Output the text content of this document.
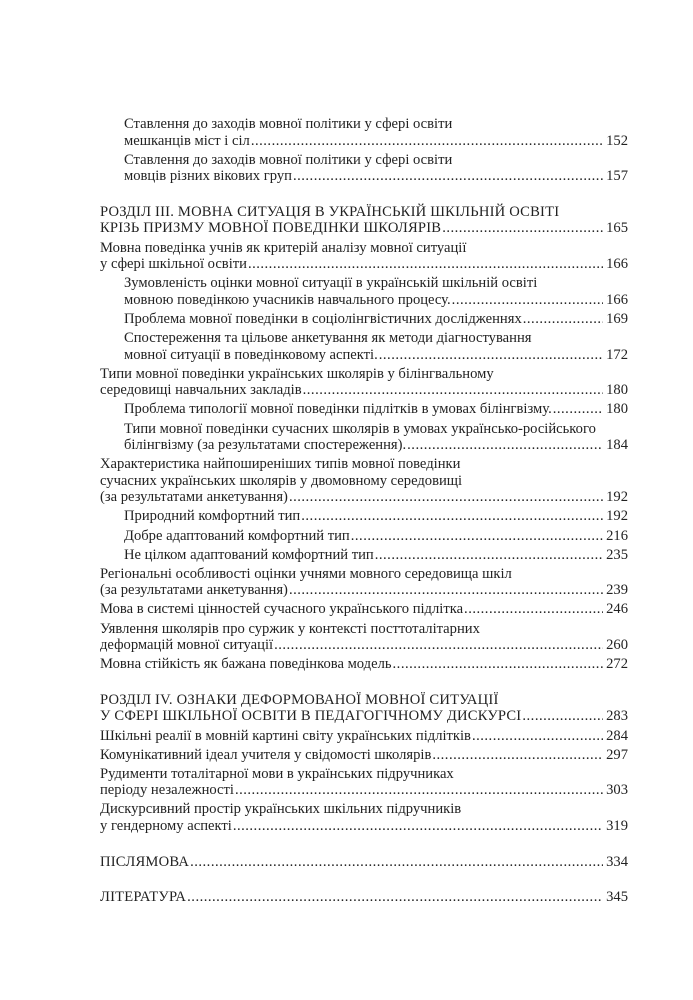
Ставлення до заходів мовної політики у сфері освіти
мешканців міст і сіл .....	152
Ставлення до заходів мовної політики у сфері освіти
мовців різних вікових груп .....	157
РОЗДІЛ ІІІ. МОВНА СИТУАЦІЯ В УКРАЇНСЬКІЙ ШКІЛЬНІЙ ОСВІТІ
КРІЗЬ ПРИЗМУ МОВНОЇ ПОВЕДІНКИ ШКОЛЯРІВ .....	165
Мовна поведінка учнів як критерій аналізу мовної ситуації
у сфері шкільної освіти .....	166
Зумовленість оцінки мовної ситуації в українській шкільній освіті
мовною поведінкою учасників навчального процесу. .....	166
Проблема мовної поведінки в соціолінгвістичних дослідженнях .....	169
Спостереження та цільове анкетування як методи діагностування
мовної ситуації в поведінковому аспекті. .....	172
Типи мовної поведінки українських школярів у білінгвальному
середовищі навчальних закладів .....	180
Проблема типології мовної поведінки підлітків в умовах білінгвізму. .....	180
Типи мовної поведінки сучасних школярів в умовах українсько-російського
білінгвізму (за результатами спостереження). .....	184
Характеристика найпоширеніших типів мовної поведінки
сучасних українських школярів у двомовному середовищі
(за результатами анкетування) .....	192
Природний комфортний тип .....	192
Добре адаптований комфортний тип .....	216
Не цілком адаптований комфортний тип .....	235
Регіональні особливості оцінки учнями мовного середовища шкіл
(за результатами анкетування) .....	239
Мова в системі цінностей сучасного українського підлітка .....	246
Уявлення школярів про суржик у контексті посттоталітарних
деформацій мовної ситуації .....	260
Мовна стійкість як бажана поведінкова модель .....	272
РОЗДІЛ IV. ОЗНАКИ ДЕФОРМОВАНОЇ МОВНОЇ СИТУАЦІЇ
У СФЕРІ ШКІЛЬНОЇ ОСВІТИ В ПЕДАГОГІЧНОМУ ДИСКУРСІ .....	283
Шкільні реалії в мовній картині світу українських підлітків .....	284
Комунікативний ідеал учителя у свідомості школярів .....	297
Рудименти тоталітарної мови в українських підручниках
періоду незалежності .....	303
Дискурсивний простір українських шкільних підручників
у гендерному аспекті .....	319
ПІСЛЯМОВА .....	334
ЛІТЕРАТУРА .....	345
